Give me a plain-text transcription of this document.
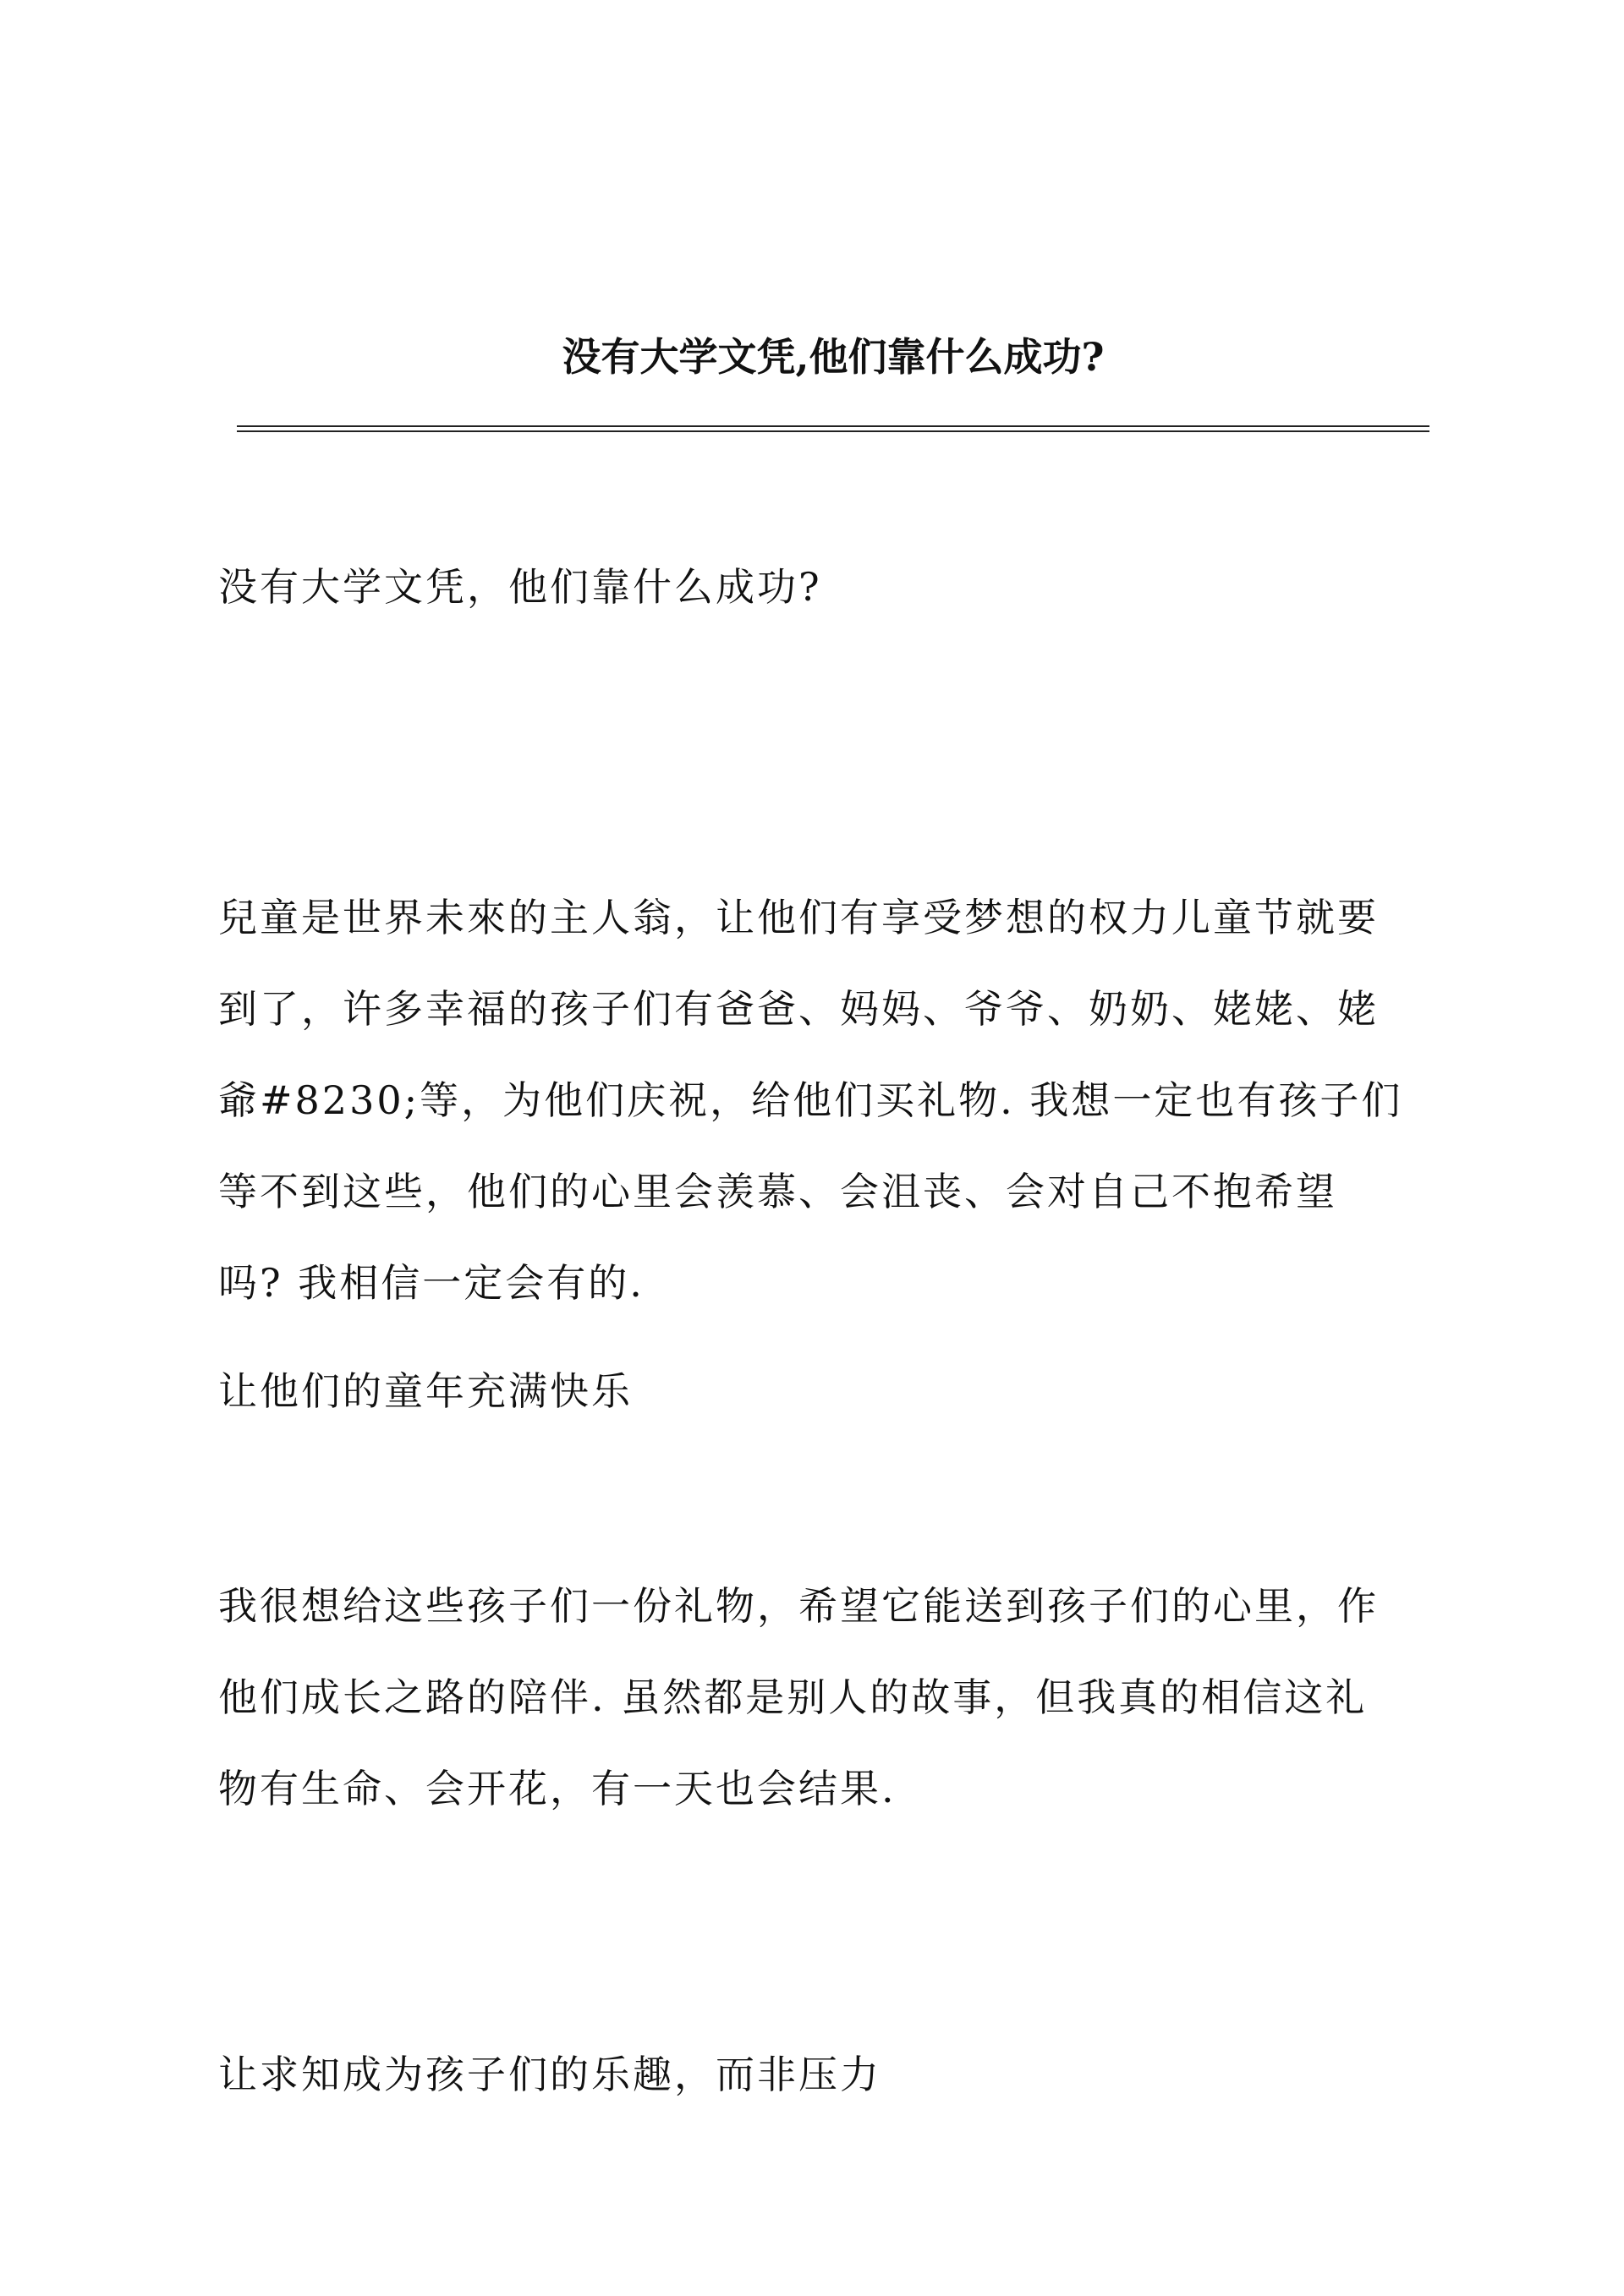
没有大学文凭,他们靠什么成功?

没有大学文凭，他们靠什么成功?

兒童是世界未來的主人翁，让他们有享受梦想的权力儿童节就要
到了，许多幸福的孩子们有爸爸、妈妈、爷爷、奶奶、姥姥、姥
爺#8230;等，为他们庆祝，给他们买礼物. 我想一定也有孩子们
等不到这些，他们的心里会羡慕、会沮丧、会对自己不抱希望
吗? 我相信一定会有的.

让他们的童年充满快乐

我很想给这些孩子们一份礼物，希望它能送到孩子们的心里，作
他们成长之路的陪伴. 虽然都是别人的故事，但我真的相信这礼
物有生命、会开花，有一天也会结果.

让求知成为孩子们的乐趣，而非压力
